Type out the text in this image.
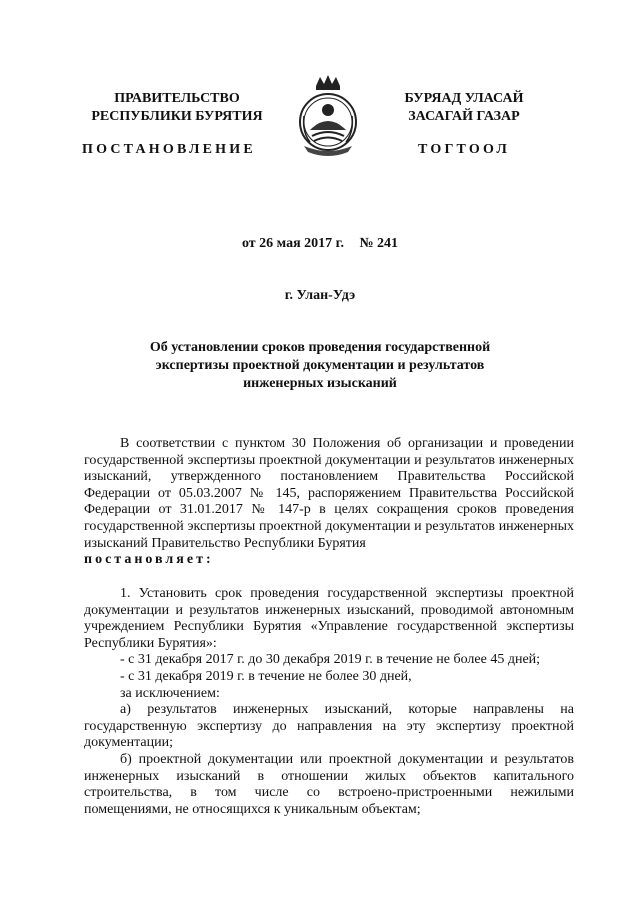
ПРАВИТЕЛЬСТВО
РЕСПУБЛИКИ БУРЯТИЯ
БУРЯАД УЛАСАЙ
ЗАСАГАЙ ГАЗАР
ПОСТАНОВЛЕНИЕ	ТОГТООЛ
от 26 мая 2017 г. № 241
г. Улан-Удэ
Об установлении сроков проведения государственной
экспертизы проектной документации и результатов
инженерных изысканий

В соответствии с пунктом 30 Положения об организации и проведении государственной экспертизы проектной документации и результатов инженерных изысканий, утвержденного постановлением Правительства Российской Федерации от 05.03.2007 № 145, распоряжением Правительства Российской Федерации от 31.01.2017 № 147-р в целях сокращения сроков проведения государственной экспертизы проектной документации и результатов инженерных изысканий Правительство Республики Бурятия

постановляет:

1. Установить срок проведения государственной экспертизы проектной документации и результатов инженерных изысканий, проводимой автономным учреждением Республики Бурятия «Управление государственной экспертизы Республики Бурятия»:

- с 31 декабря 2017 г. до 30 декабря 2019 г. в течение не более 45 дней;

- с 31 декабря 2019 г. в течение не более 30 дней,

за исключением:

а) результатов инженерных изысканий, которые направлены на государственную экспертизу до направления на эту экспертизу проектной документации;

б) проектной документации или проектной документации и результатов инженерных изысканий в отношении жилых объектов капитального строительства, в том числе со встроено-пристроенными нежилыми помещениями, не относящихся к уникальным объектам;
